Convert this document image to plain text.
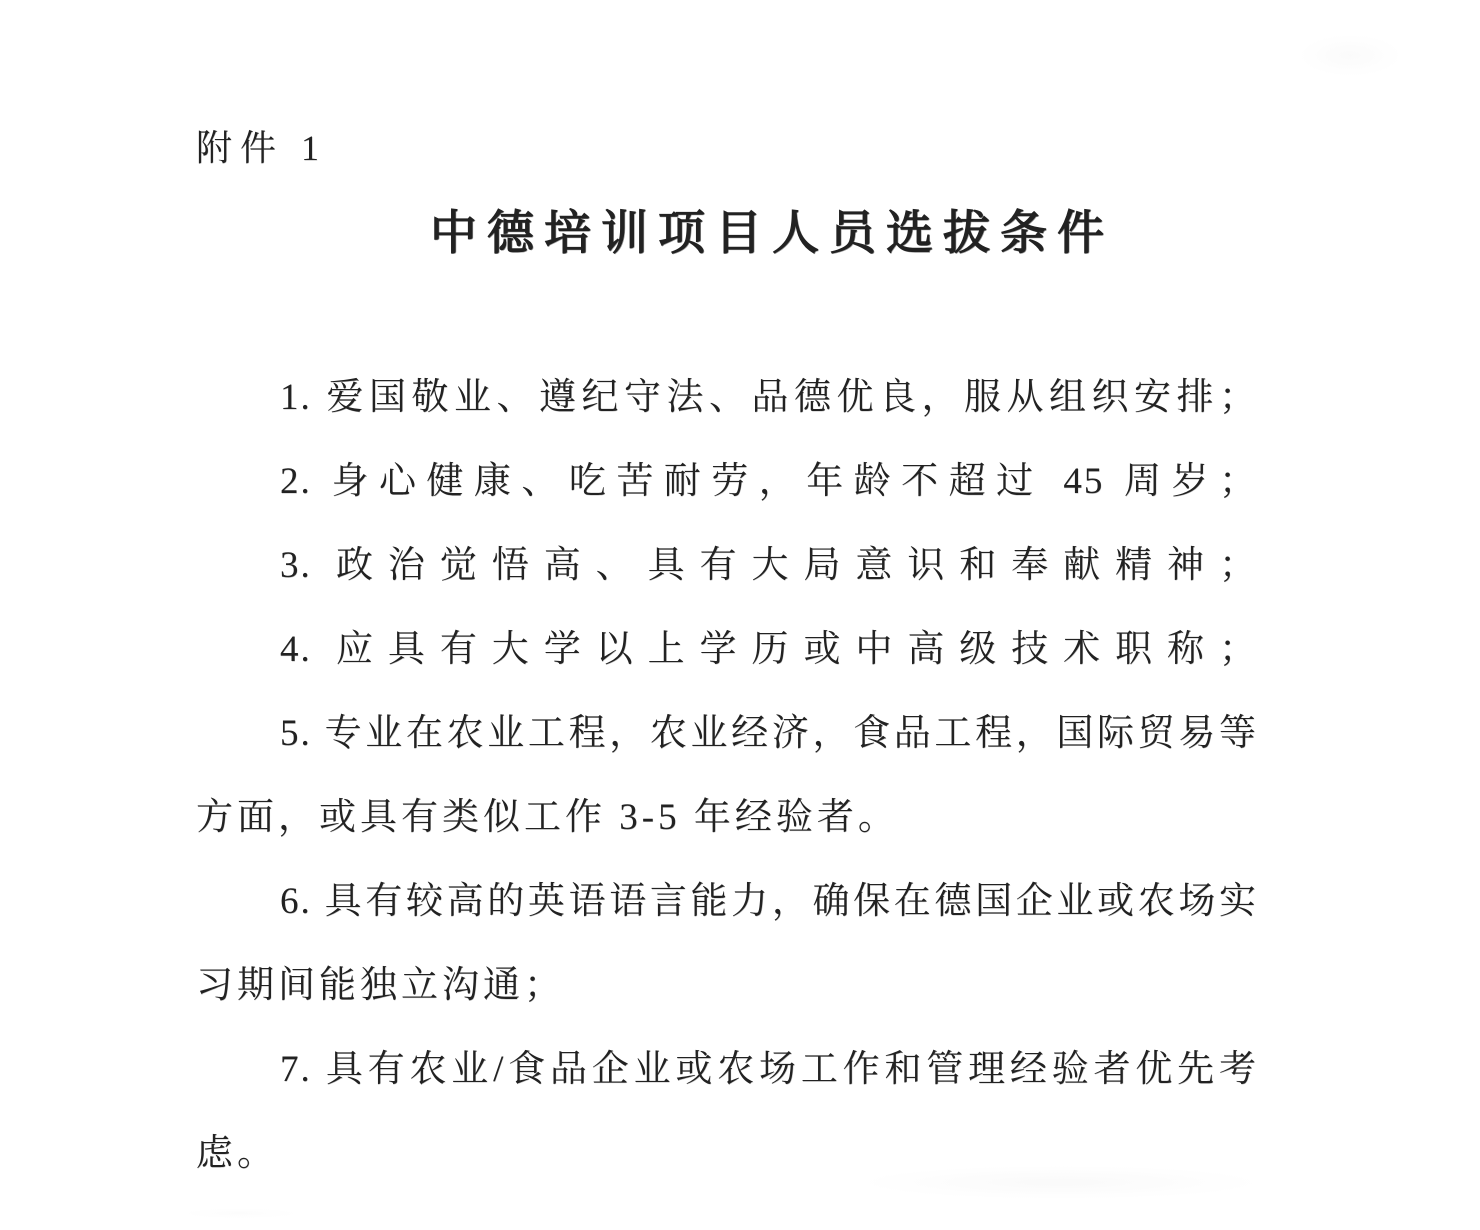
附件 1
中德培训项目人员选拔条件
1. 爱国敬业、遵纪守法、品德优良，服从组织安排；
2. 身心健康、吃苦耐劳，年龄不超过 45 周岁；
3. 政治觉悟高、具有大局意识和奉献精神；
4. 应具有大学以上学历或中高级技术职称；
5. 专业在农业工程，农业经济，食品工程，国际贸易等
方面，或具有类似工作 3-5 年经验者。
6. 具有较高的英语语言能力，确保在德国企业或农场实
习期间能独立沟通；
7. 具有农业/食品企业或农场工作和管理经验者优先考
虑。
